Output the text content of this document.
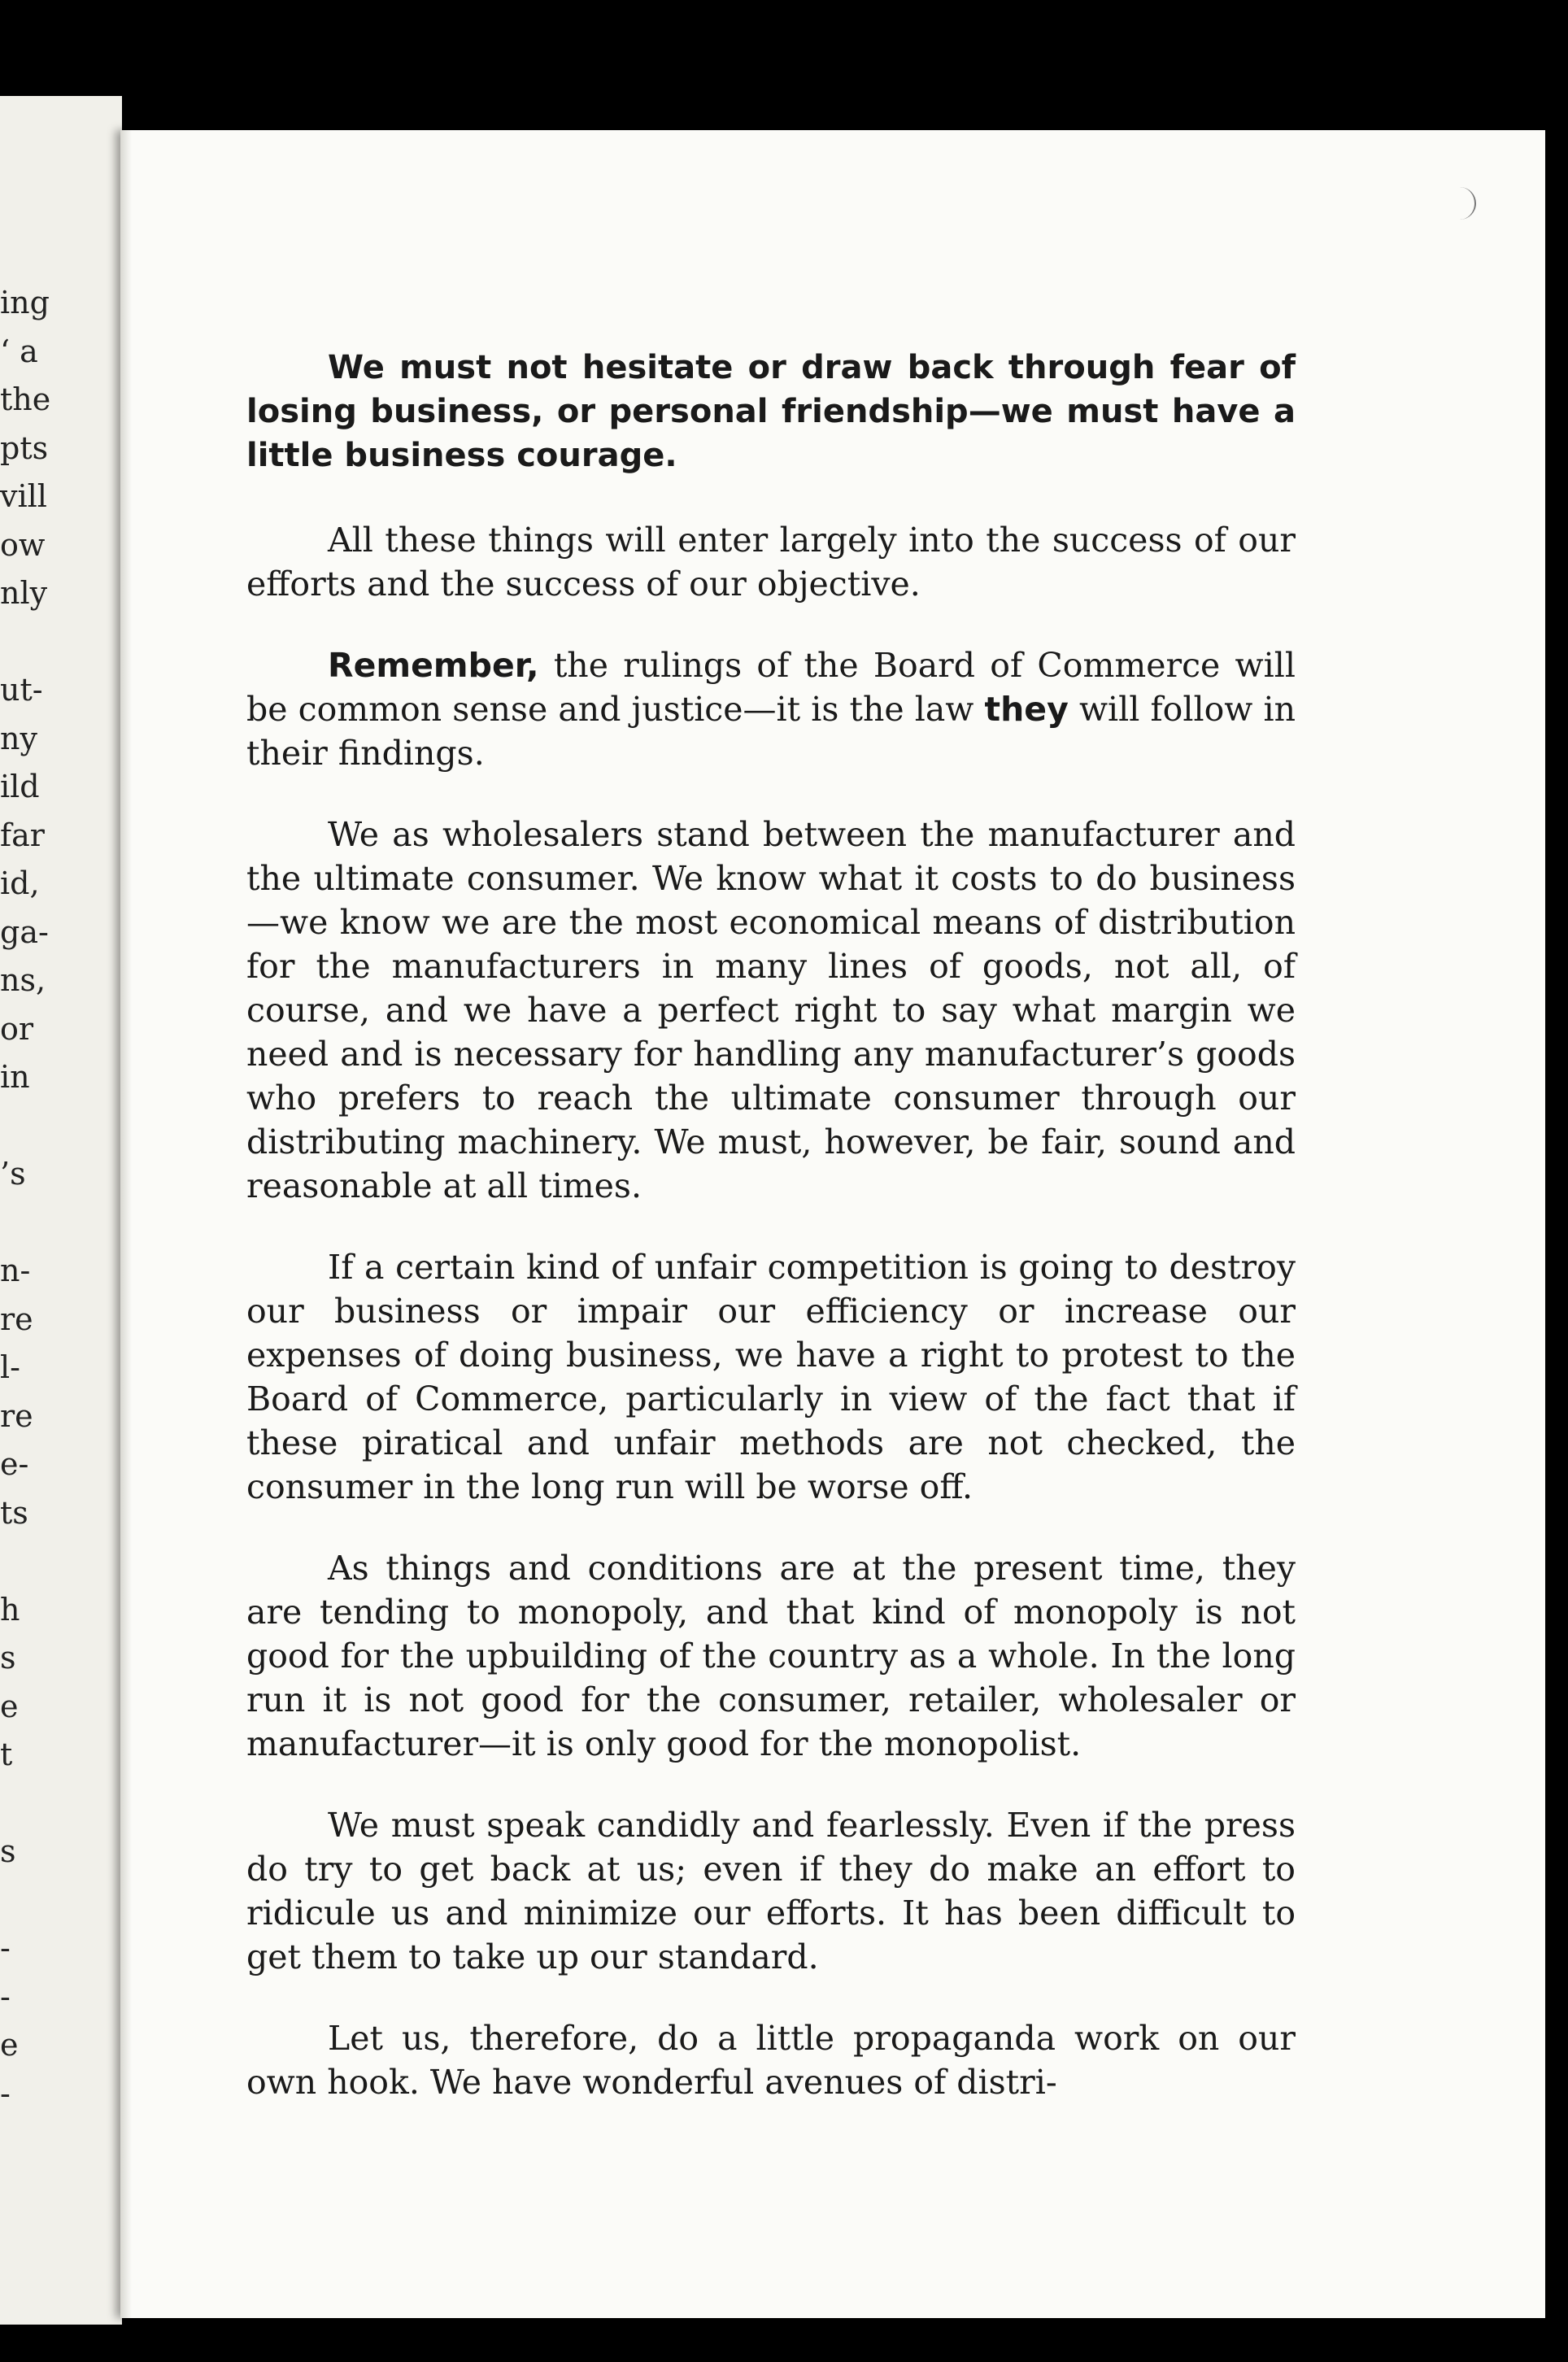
ing
‘ a
the
pts
vill
ow
nly

ut-
ny
ild
far
id,
ga-
ns,
or
in

’s

n-
re
l-
re
e-
ts

h
s
e
t

s

-
-
e
-

We must not hesitate or draw back through fear of losing business, or personal friendship—we must have a little business courage.

All these things will enter largely into the success of our efforts and the success of our objective.

Remember, the rulings of the Board of Commerce will be common sense and justice—it is the law they will follow in their findings.

We as wholesalers stand between the manufacturer and the ultimate consumer. We know what it costs to do business—we know we are the most economical means of distribution for the manufacturers in many lines of goods, not all, of course, and we have a perfect right to say what margin we need and is necessary for handling any manufacturer’s goods who prefers to reach the ultimate consumer through our distributing machinery. We must, however, be fair, sound and reasonable at all times.

If a certain kind of unfair competition is going to destroy our business or impair our efficiency or increase our expenses of doing business, we have a right to protest to the Board of Commerce, particularly in view of the fact that if these piratical and unfair methods are not checked, the consumer in the long run will be worse off.

As things and conditions are at the present time, they are tending to monopoly, and that kind of monopoly is not good for the upbuilding of the country as a whole. In the long run it is not good for the consumer, retailer, wholesaler or manufacturer—it is only good for the monopolist.

We must speak candidly and fearlessly. Even if the press do try to get back at us; even if they do make an effort to ridicule us and minimize our efforts. It has been difficult to get them to take up our standard.

Let us, therefore, do a little propaganda work on our own hook. We have wonderful avenues of distri-
